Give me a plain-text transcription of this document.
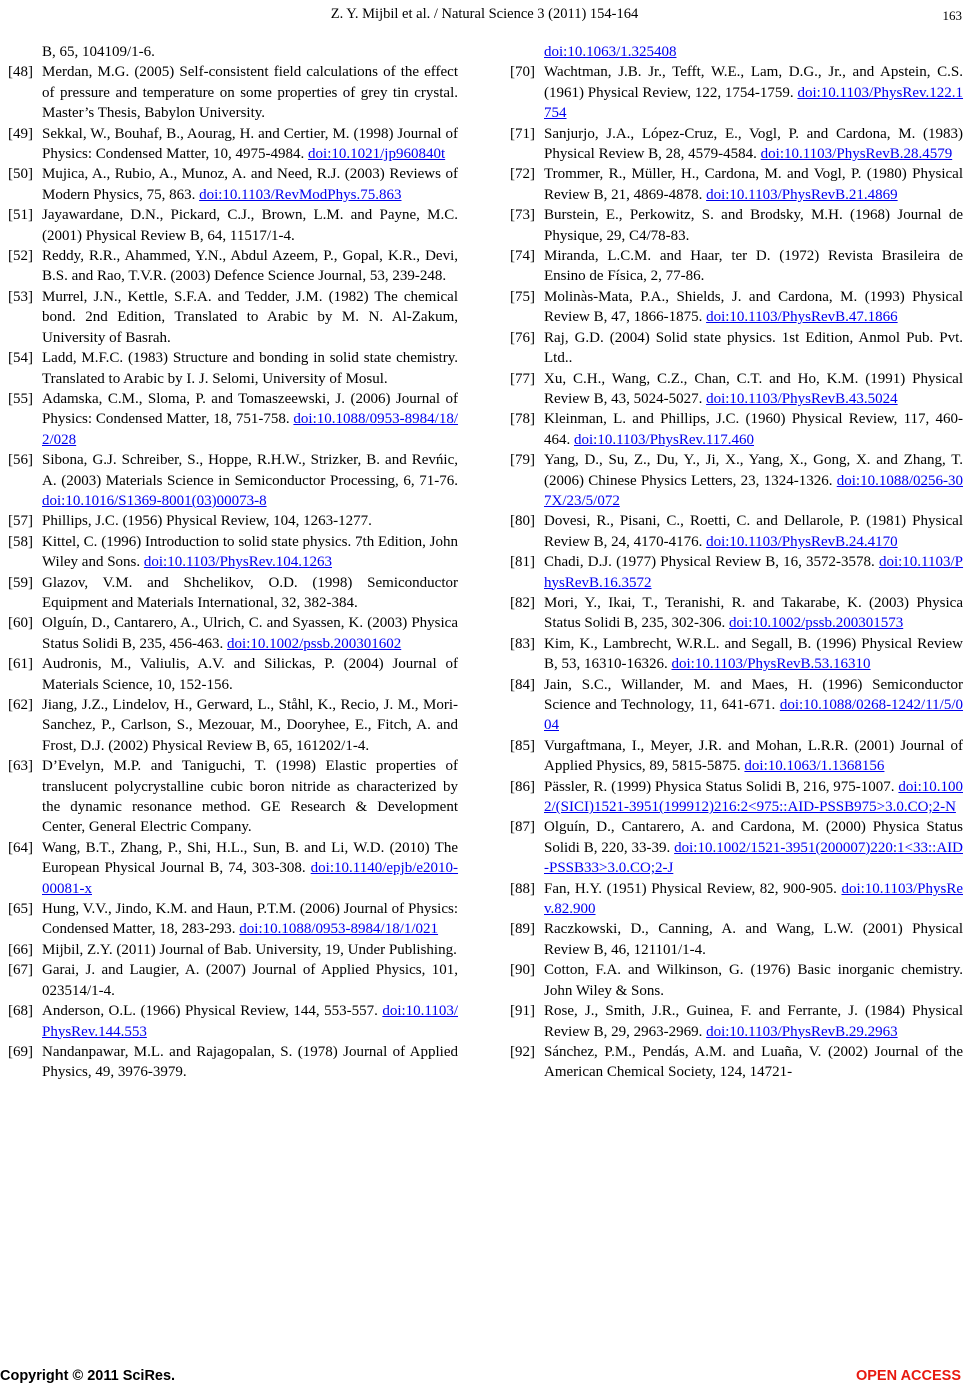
Z. Y. Mijbil et al. / Natural Science 3 (2011) 154-164	163
B, 65, 104109/1-6.
[48] Merdan, M.G. (2005) Self-consistent field calculations of the effect of pressure and temperature on some properties of grey tin crystal. Master’s Thesis, Babylon University.
[49] Sekkal, W., Bouhaf, B., Aourag, H. and Certier, M. (1998) Journal of Physics: Condensed Matter, 10, 4975-4984. doi:10.1021/jp960840t
[50] Mujica, A., Rubio, A., Munoz, A. and Need, R.J. (2003) Reviews of Modern Physics, 75, 863. doi:10.1103/RevModPhys.75.863
[51] Jayawardane, D.N., Pickard, C.J., Brown, L.M. and Payne, M.C. (2001) Physical Review B, 64, 11517/1-4.
[52] Reddy, R.R., Ahammed, Y.N., Abdul Azeem, P., Gopal, K.R., Devi, B.S. and Rao, T.V.R. (2003) Defence Science Journal, 53, 239-248.
[53] Murrel, J.N., Kettle, S.F.A. and Tedder, J.M. (1982) The chemical bond. 2nd Edition, Translated to Arabic by M. N. Al-Zakum, University of Basrah.
[54] Ladd, M.F.C. (1983) Structure and bonding in solid state chemistry. Translated to Arabic by I. J. Selomi, University of Mosul.
[55] Adamska, C.M., Sloma, P. and Tomaszeewski, J. (2006) Journal of Physics: Condensed Matter, 18, 751-758. doi:10.1088/0953-8984/18/2/028
[56] Sibona, G.J. Schreiber, S., Hoppe, R.H.W., Strizker, B. and Revńic, A. (2003) Materials Science in Semiconductor Processing, 6, 71-76. doi:10.1016/S1369-8001(03)00073-8
[57] Phillips, J.C. (1956) Physical Review, 104, 1263-1277.
[58] Kittel, C. (1996) Introduction to solid state physics. 7th Edition, John Wiley and Sons. doi:10.1103/PhysRev.104.1263
[59] Glazov, V.M. and Shchelikov, O.D. (1998) Semiconductor Equipment and Materials International, 32, 382-384.
[60] Olguín, D., Cantarero, A., Ulrich, C. and Syassen, K. (2003) Physica Status Solidi B, 235, 456-463. doi:10.1002/pssb.200301602
[61] Audronis, M., Valiulis, A.V. and Silickas, P. (2004) Journal of Materials Science, 10, 152-156.
[62] Jiang, J.Z., Lindelov, H., Gerward, L., Ståhl, K., Recio, J. M., Mori-Sanchez, P., Carlson, S., Mezouar, M., Dooryhee, E., Fitch, A. and Frost, D.J. (2002) Physical Review B, 65, 161202/1-4.
[63] D’Evelyn, M.P. and Taniguchi, T. (1998) Elastic properties of translucent polycrystalline cubic boron nitride as characterized by the dynamic resonance method. GE Research & Development Center, General Electric Company.
[64] Wang, B.T., Zhang, P., Shi, H.L., Sun, B. and Li, W.D. (2010) The European Physical Journal B, 74, 303-308. doi:10.1140/epjb/e2010-00081-x
[65] Hung, V.V., Jindo, K.M. and Haun, P.T.M. (2006) Journal of Physics: Condensed Matter, 18, 283-293. doi:10.1088/0953-8984/18/1/021
[66] Mijbil, Z.Y. (2011) Journal of Bab. University, 19, Under Publishing.
[67] Garai, J. and Laugier, A. (2007) Journal of Applied Physics, 101, 023514/1-4.
[68] Anderson, O.L. (1966) Physical Review, 144, 553-557. doi:10.1103/PhysRev.144.553
[69] Nandanpawar, M.L. and Rajagopalan, S. (1978) Journal of Applied Physics, 49, 3976-3979.
doi:10.1063/1.325408
[70] Wachtman, J.B. Jr., Tefft, W.E., Lam, D.G., Jr., and Apstein, C.S. (1961) Physical Review, 122, 1754-1759. doi:10.1103/PhysRev.122.1754
[71] Sanjurjo, J.A., López-Cruz, E., Vogl, P. and Cardona, M. (1983) Physical Review B, 28, 4579-4584. doi:10.1103/PhysRevB.28.4579
[72] Trommer, R., Müller, H., Cardona, M. and Vogl, P. (1980) Physical Review B, 21, 4869-4878. doi:10.1103/PhysRevB.21.4869
[73] Burstein, E., Perkowitz, S. and Brodsky, M.H. (1968) Journal de Physique, 29, C4/78-83.
[74] Miranda, L.C.M. and Haar, ter D. (1972) Revista Brasileira de Ensino de Física, 2, 77-86.
[75] Molinàs-Mata, P.A., Shields, J. and Cardona, M. (1993) Physical Review B, 47, 1866-1875. doi:10.1103/PhysRevB.47.1866
[76] Raj, G.D. (2004) Solid state physics. 1st Edition, Anmol Pub. Pvt. Ltd..
[77] Xu, C.H., Wang, C.Z., Chan, C.T. and Ho, K.M. (1991) Physical Review B, 43, 5024-5027. doi:10.1103/PhysRevB.43.5024
[78] Kleinman, L. and Phillips, J.C. (1960) Physical Review, 117, 460-464. doi:10.1103/PhysRev.117.460
[79] Yang, D., Su, Z., Du, Y., Ji, X., Yang, X., Gong, X. and Zhang, T. (2006) Chinese Physics Letters, 23, 1324-1326. doi:10.1088/0256-307X/23/5/072
[80] Dovesi, R., Pisani, C., Roetti, C. and Dellarole, P. (1981) Physical Review B, 24, 4170-4176. doi:10.1103/PhysRevB.24.4170
[81] Chadi, D.J. (1977) Physical Review B, 16, 3572-3578. doi:10.1103/PhysRevB.16.3572
[82] Mori, Y., Ikai, T., Teranishi, R. and Takarabe, K. (2003) Physica Status Solidi B, 235, 302-306. doi:10.1002/pssb.200301573
[83] Kim, K., Lambrecht, W.R.L. and Segall, B. (1996) Physical Review B, 53, 16310-16326. doi:10.1103/PhysRevB.53.16310
[84] Jain, S.C., Willander, M. and Maes, H. (1996) Semiconductor Science and Technology, 11, 641-671. doi:10.1088/0268-1242/11/5/004
[85] Vurgaftmana, I., Meyer, J.R. and Mohan, L.R.R. (2001) Journal of Applied Physics, 89, 5815-5875. doi:10.1063/1.1368156
[86] Pässler, R. (1999) Physica Status Solidi B, 216, 975-1007. doi:10.1002/(SICI)1521-3951(199912)216:2<975::AID-PSSB975>3.0.CO;2-N
[87] Olguín, D., Cantarero, A. and Cardona, M. (2000) Physica Status Solidi B, 220, 33-39. doi:10.1002/1521-3951(200007)220:1<33::AID-PSSB33>3.0.CO;2-J
[88] Fan, H.Y. (1951) Physical Review, 82, 900-905. doi:10.1103/PhysRev.82.900
[89] Raczkowski, D., Canning, A. and Wang, L.W. (2001) Physical Review B, 46, 121101/1-4.
[90] Cotton, F.A. and Wilkinson, G. (1976) Basic inorganic chemistry. John Wiley & Sons.
[91] Rose, J., Smith, J.R., Guinea, F. and Ferrante, J. (1984) Physical Review B, 29, 2963-2969. doi:10.1103/PhysRevB.29.2963
[92] Sánchez, P.M., Pendás, A.M. and Luaña, V. (2002) Journal of the American Chemical Society, 124, 14721-
Copyright © 2011 SciRes.	OPEN ACCESS
